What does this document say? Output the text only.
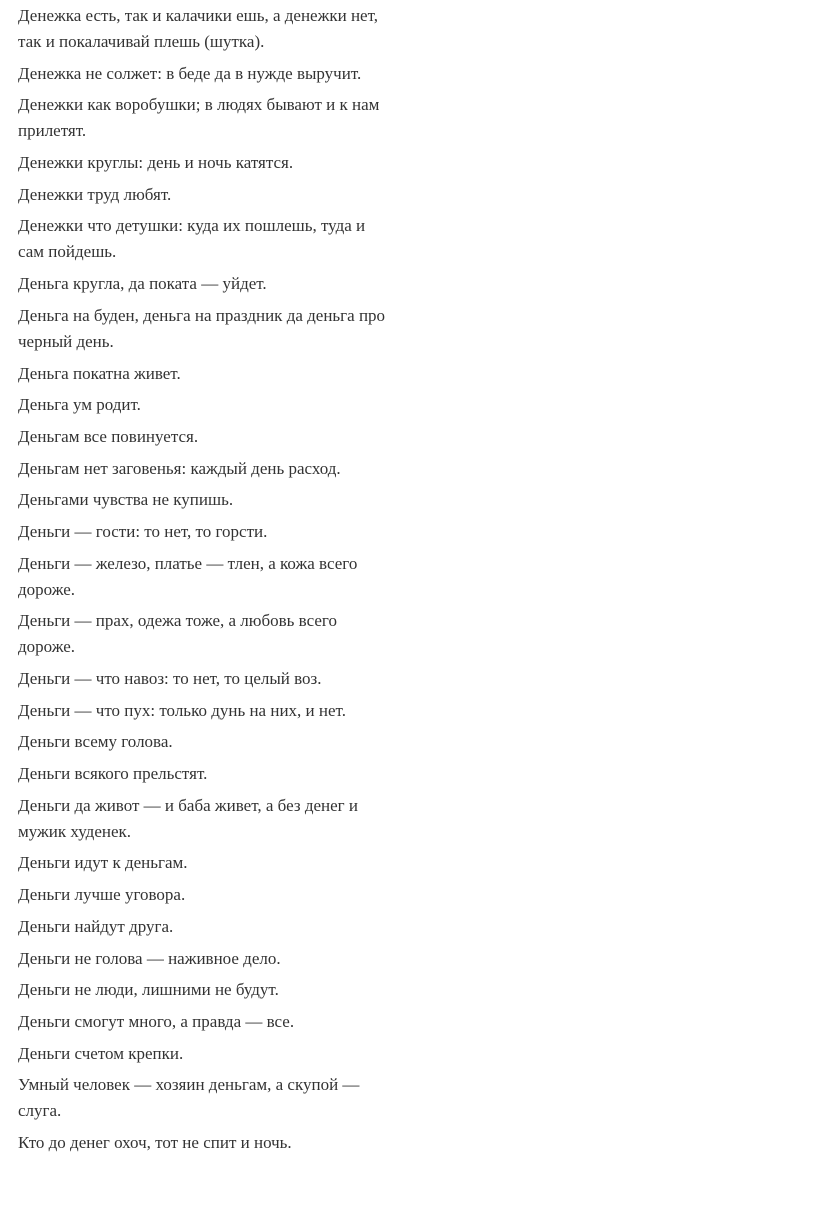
Денежка есть, так и калачики ешь, а денежки нет, так и покалачивай плешь (шутка).

Денежка не солжет: в беде да в нужде выручит.

Денежки как воробушки; в людях бывают и к нам прилетят.

Денежки круглы: день и ночь катятся.

Денежки труд любят.

Денежки что детушки: куда их пошлешь, туда и сам пойдешь.

Деньга кругла, да поката — уйдет.

Деньга на буден, деньга на праздник да деньга про черный день.

Деньга покатна живет.

Деньга ум родит.

Деньгам все повинуется.

Деньгам нет заговенья: каждый день расход.

Деньгами чувства не купишь.

Деньги — гости: то нет, то горсти.

Деньги — железо, платье — тлен, а кожа всего дороже.

Деньги — прах, одежа тоже, а любовь всего дороже.

Деньги — что навоз: то нет, то целый воз.

Деньги — что пух: только дунь на них, и нет.

Деньги всему голова.

Деньги всякого прельстят.

Деньги да живот — и баба живет, а без денег и мужик худенек.

Деньги идут к деньгам.

Деньги лучше уговора.

Деньги найдут друга.

Деньги не голова — наживное дело.

Деньги не люди, лишними не будут.

Деньги смогут много, а правда — все.

Деньги счетом крепки.

Умный человек — хозяин деньгам, а скупой — слуга.

Кто до денег охоч, тот не спит и ночь.
